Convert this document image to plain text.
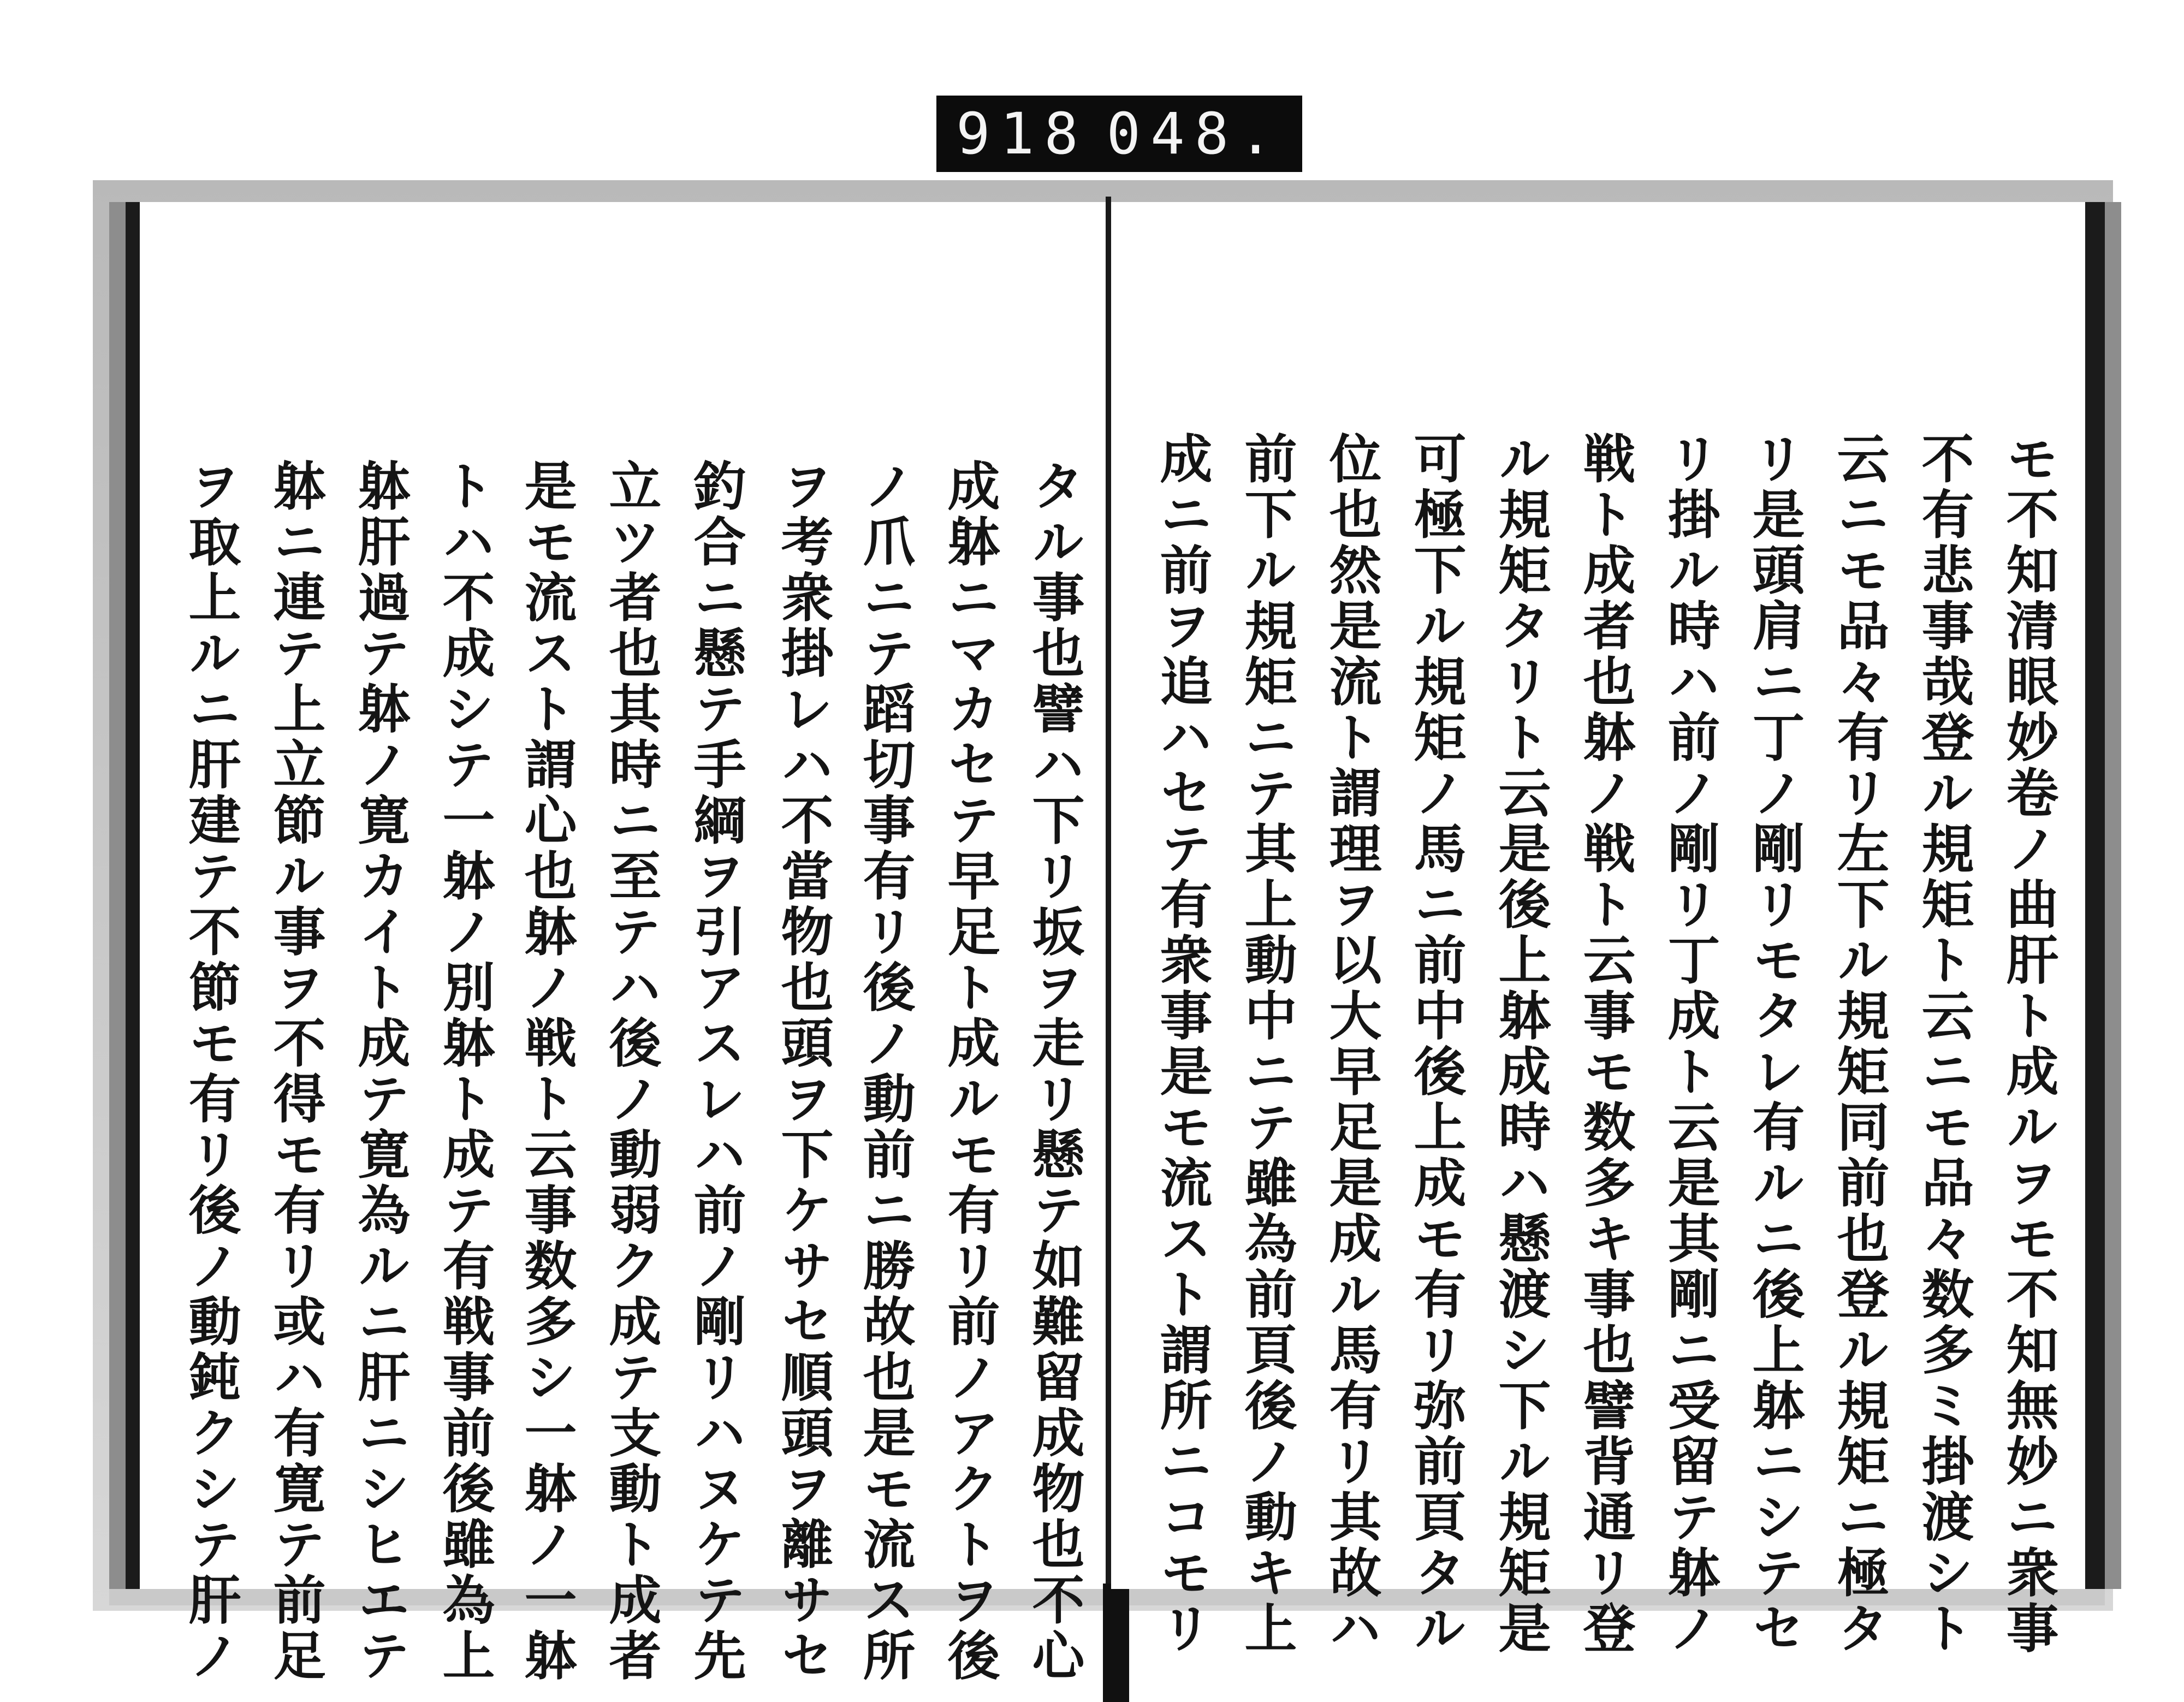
918 048.
タル事也譬ハ下リ坂ヲ走リ懸テ如難留成物也不心
成躰ニマカセテ早足ト成ルモ有リ前ノアクトヲ後
ノ爪ニテ蹈切事有リ後ノ動前ニ勝故也是モ流ス所
ヲ考衆掛レハ不當物也頭ヲ下ケサセ順頭ヲ離サセ
釣合ニ懸テ手綱ヲ引アスレハ前ノ剛リハヌケテ先
立ツ者也其時ニ至テハ後ノ動弱ク成テ支動ト成者
是モ流スト謂心也躰ノ戦ト云事数多シ一躰ノ一躰
トハ不成シテ一躰ノ別躰ト成テ有戦事前後雖為上
躰肝過テ躰ノ寛カイト成テ寛為ルニ肝ニシヒエテ
躰ニ連テ上立節ル事ヲ不得モ有リ或ハ有寛テ前足
ヲ取上ルニ肝建テ不節モ有リ後ノ動鈍クシテ肝ノ	モ不知清眼妙卷ノ曲肝ト成ルヲモ不知無妙ニ衆事
不有悲事哉登ル規矩ト云ニモ品々数多ミ掛渡シト
云ニモ品々有リ左下ル規矩同前也登ル規矩ニ極タ
リ是頭肩ニ丁ノ剛リモタレ有ルニ後上躰ニシテセ
リ掛ル時ハ前ノ剛リ丁成ト云是其剛ニ受留テ躰ノ
戦ト成者也躰ノ戦ト云事モ数多キ事也譬背通リ登
ル規矩タリト云是後上躰成時ハ懸渡シ下ル規矩是
可極下ル規矩ノ馬ニ前中後上成モ有リ弥前頁タル
位也然是流ト謂理ヲ以大早足是成ル馬有リ其故ハ
前下ル規矩ニテ其上動中ニテ雖為前頁後ノ動キ上
成ニ前ヲ追ハセテ有衆事是モ流スト謂所ニコモリ
